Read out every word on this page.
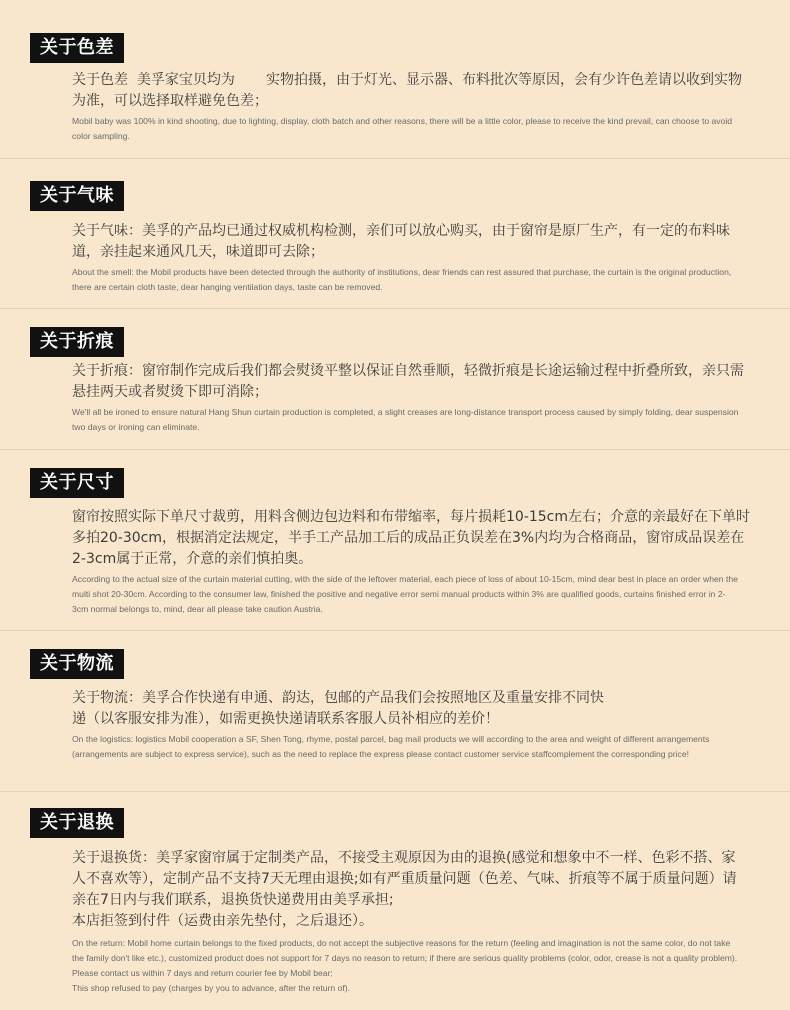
关于色差
关于色差  美孚家宝贝均为       实物拍摄，由于灯光、显示器、布料批次等原因，会有少许色差请以收到实物为准，可以选择取样避免色差；
Mobil baby was 100% in kind shooting, due to lighting, display, cloth batch and other reasons, there will be a little color, please to receive the kind prevail, can choose to avoid color sampling.
关于气味
关于气味：美孚的产品均已通过权威机构检测，亲们可以放心购买，由于窗帘是原厂生产，有一定的布料味道，亲挂起来通风几天，味道即可去除；
About the smell: the Mobil products have been detected through the authority of institutions, dear friends can rest assured that purchase, the curtain is the original production, there are certain cloth taste, dear hanging ventilation days, taste can be removed.
关于折痕
关于折痕：窗帘制作完成后我们都会熨烫平整以保证自然垂顺，轻微折痕是长途运输过程中折叠所致，亲只需悬挂两天或者熨烫下即可消除；
We'll all be ironed to ensure natural Hang Shun curtain production is completed, a slight creases are long-distance transport process caused by simply folding, dear suspension two days or ironing can eliminate.
关于尺寸
窗帘按照实际下单尺寸裁剪，用料含侧边包边料和布带缩率，每片损耗10-15cm左右；介意的亲最好在下单时多拍20-30cm，根据消定法规定，半手工产品加工后的成品正负误差在3%内均为合格商品，窗帘成品误差在2-3cm属于正常，介意的亲们慎拍奥。
According to the actual size of the curtain material cutting, with the side of the leftover material, each piece of loss of about 10-15cm, mind dear best in place an order when the multi shot 20-30cm. According to the consumer law, finished the positive and negative error semi manual products within 3% are qualified goods, curtains finished error in 2-3cm normal belongs to, mind, dear all please take caution Austria.
关于物流
关于物流：美孚合作快递有申通、韵达，包邮的产品我们会按照地区及重量安排不同快递（以客服安排为准），如需更换快递请联系客服人员补相应的差价！
On the logistics: logistics Mobil cooperation a SF, Shen Tong, rhyme, postal parcel, bag mail products we will according to the area and weight of different arrangements (arrangements are subject to express service), such as the need to replace the express please contact customer service staffcomplement the corresponding price!
关于退换
关于退换货：美孚家窗帘属于定制类产品，不接受主观原因为由的退换(感觉和想象中不一样、色彩不搭、家人不喜欢等），定制产品不支持7天无理由退换;如有严重质量问题（色差、气味、折痕等不属于质量问题）请亲在7日内与我们联系，退换货快递费用由美孚承担;
本店拒签到付件（运费由亲先垫付，之后退还）。
On the return: Mobil home curtain belongs to the fixed products, do not accept the subjective reasons for the return (feeling and imagination is not the same color, do not take the family don't like etc.), customized product does not support for 7 days no reason to return; if there are serious quality problems (color, odor, crease is not a quality problem). Please contact us within 7 days and return courier fee by Mobil bear;
This shop refused to pay (charges by you to advance, after the return of).
